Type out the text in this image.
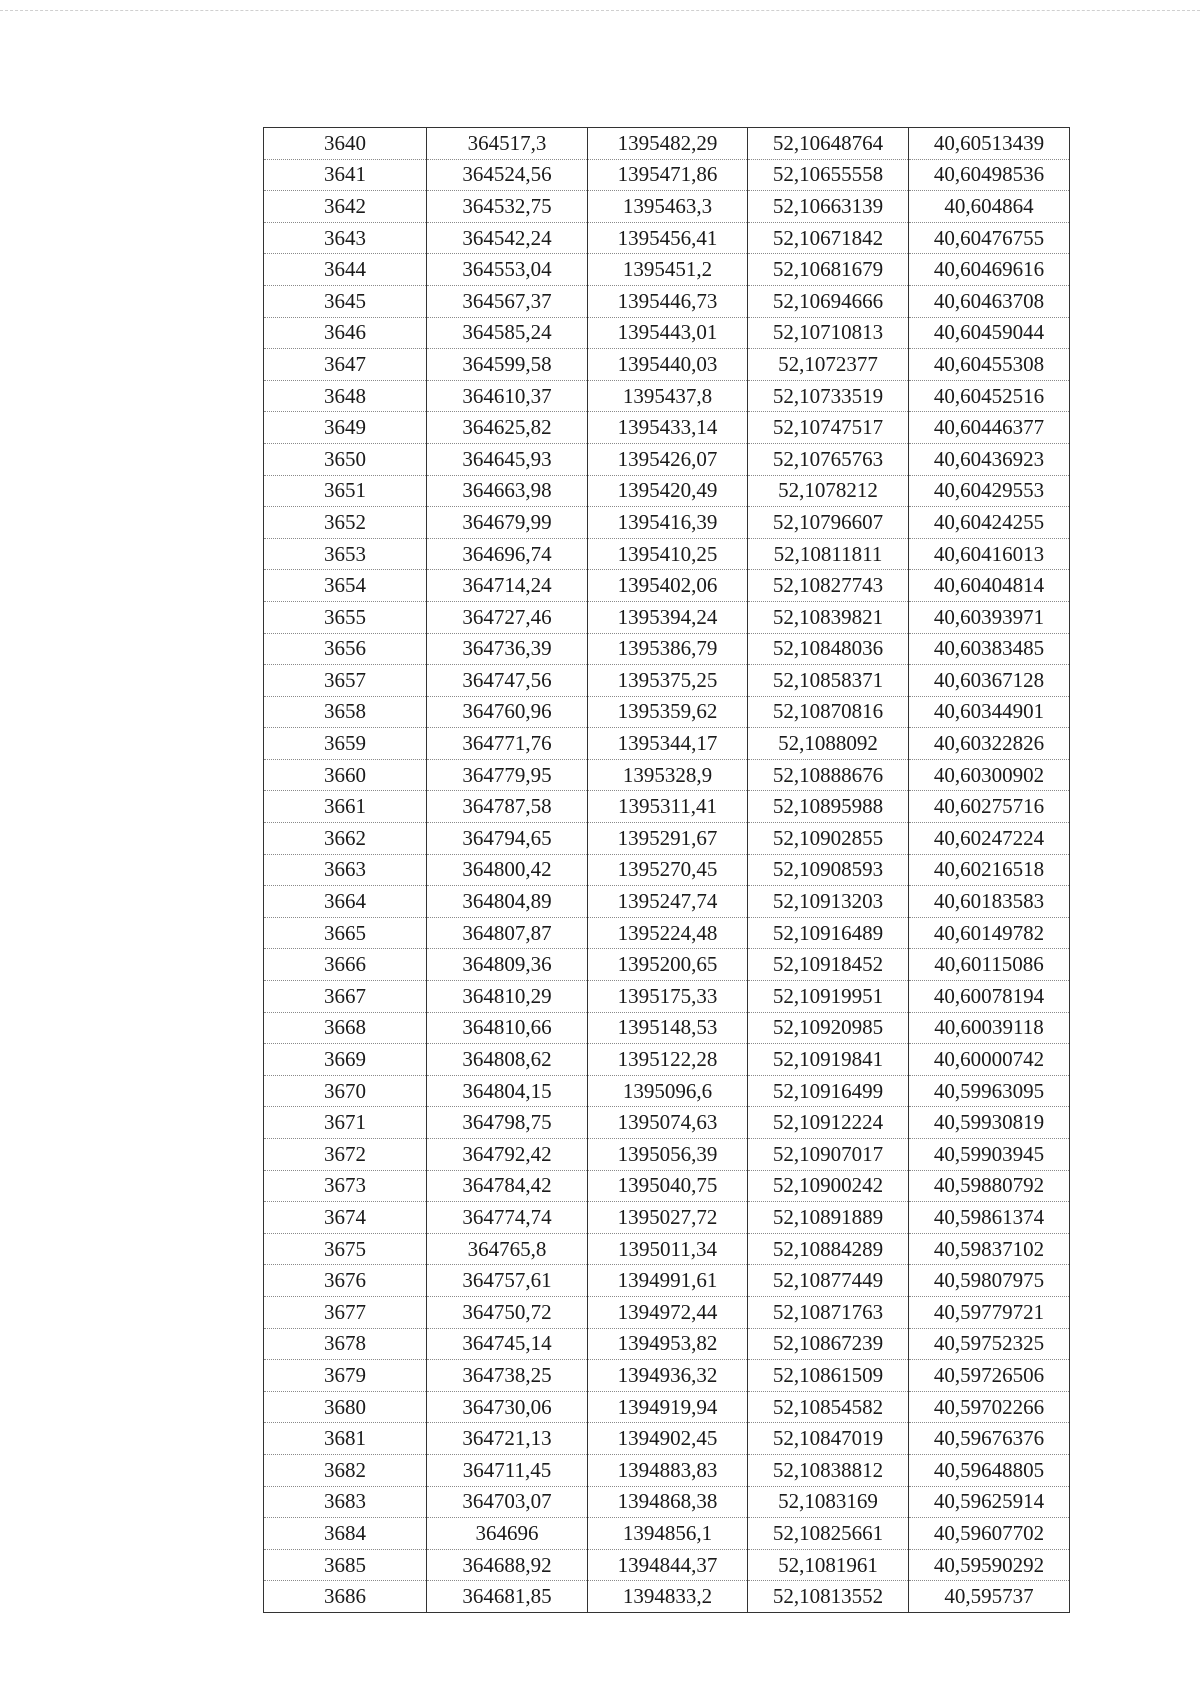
3640	364517,3	1395482,29	52,10648764	40,60513439
3641	364524,56	1395471,86	52,10655558	40,60498536
3642	364532,75	1395463,3	52,10663139	40,604864
3643	364542,24	1395456,41	52,10671842	40,60476755
3644	364553,04	1395451,2	52,10681679	40,60469616
3645	364567,37	1395446,73	52,10694666	40,60463708
3646	364585,24	1395443,01	52,10710813	40,60459044
3647	364599,58	1395440,03	52,1072377	40,60455308
3648	364610,37	1395437,8	52,10733519	40,60452516
3649	364625,82	1395433,14	52,10747517	40,60446377
3650	364645,93	1395426,07	52,10765763	40,60436923
3651	364663,98	1395420,49	52,1078212	40,60429553
3652	364679,99	1395416,39	52,10796607	40,60424255
3653	364696,74	1395410,25	52,10811811	40,60416013
3654	364714,24	1395402,06	52,10827743	40,60404814
3655	364727,46	1395394,24	52,10839821	40,60393971
3656	364736,39	1395386,79	52,10848036	40,60383485
3657	364747,56	1395375,25	52,10858371	40,60367128
3658	364760,96	1395359,62	52,10870816	40,60344901
3659	364771,76	1395344,17	52,1088092	40,60322826
3660	364779,95	1395328,9	52,10888676	40,60300902
3661	364787,58	1395311,41	52,10895988	40,60275716
3662	364794,65	1395291,67	52,10902855	40,60247224
3663	364800,42	1395270,45	52,10908593	40,60216518
3664	364804,89	1395247,74	52,10913203	40,60183583
3665	364807,87	1395224,48	52,10916489	40,60149782
3666	364809,36	1395200,65	52,10918452	40,60115086
3667	364810,29	1395175,33	52,10919951	40,60078194
3668	364810,66	1395148,53	52,10920985	40,60039118
3669	364808,62	1395122,28	52,10919841	40,60000742
3670	364804,15	1395096,6	52,10916499	40,59963095
3671	364798,75	1395074,63	52,10912224	40,59930819
3672	364792,42	1395056,39	52,10907017	40,59903945
3673	364784,42	1395040,75	52,10900242	40,59880792
3674	364774,74	1395027,72	52,10891889	40,59861374
3675	364765,8	1395011,34	52,10884289	40,59837102
3676	364757,61	1394991,61	52,10877449	40,59807975
3677	364750,72	1394972,44	52,10871763	40,59779721
3678	364745,14	1394953,82	52,10867239	40,59752325
3679	364738,25	1394936,32	52,10861509	40,59726506
3680	364730,06	1394919,94	52,10854582	40,59702266
3681	364721,13	1394902,45	52,10847019	40,59676376
3682	364711,45	1394883,83	52,10838812	40,59648805
3683	364703,07	1394868,38	52,1083169	40,59625914
3684	364696	1394856,1	52,10825661	40,59607702
3685	364688,92	1394844,37	52,1081961	40,59590292
3686	364681,85	1394833,2	52,10813552	40,595737
